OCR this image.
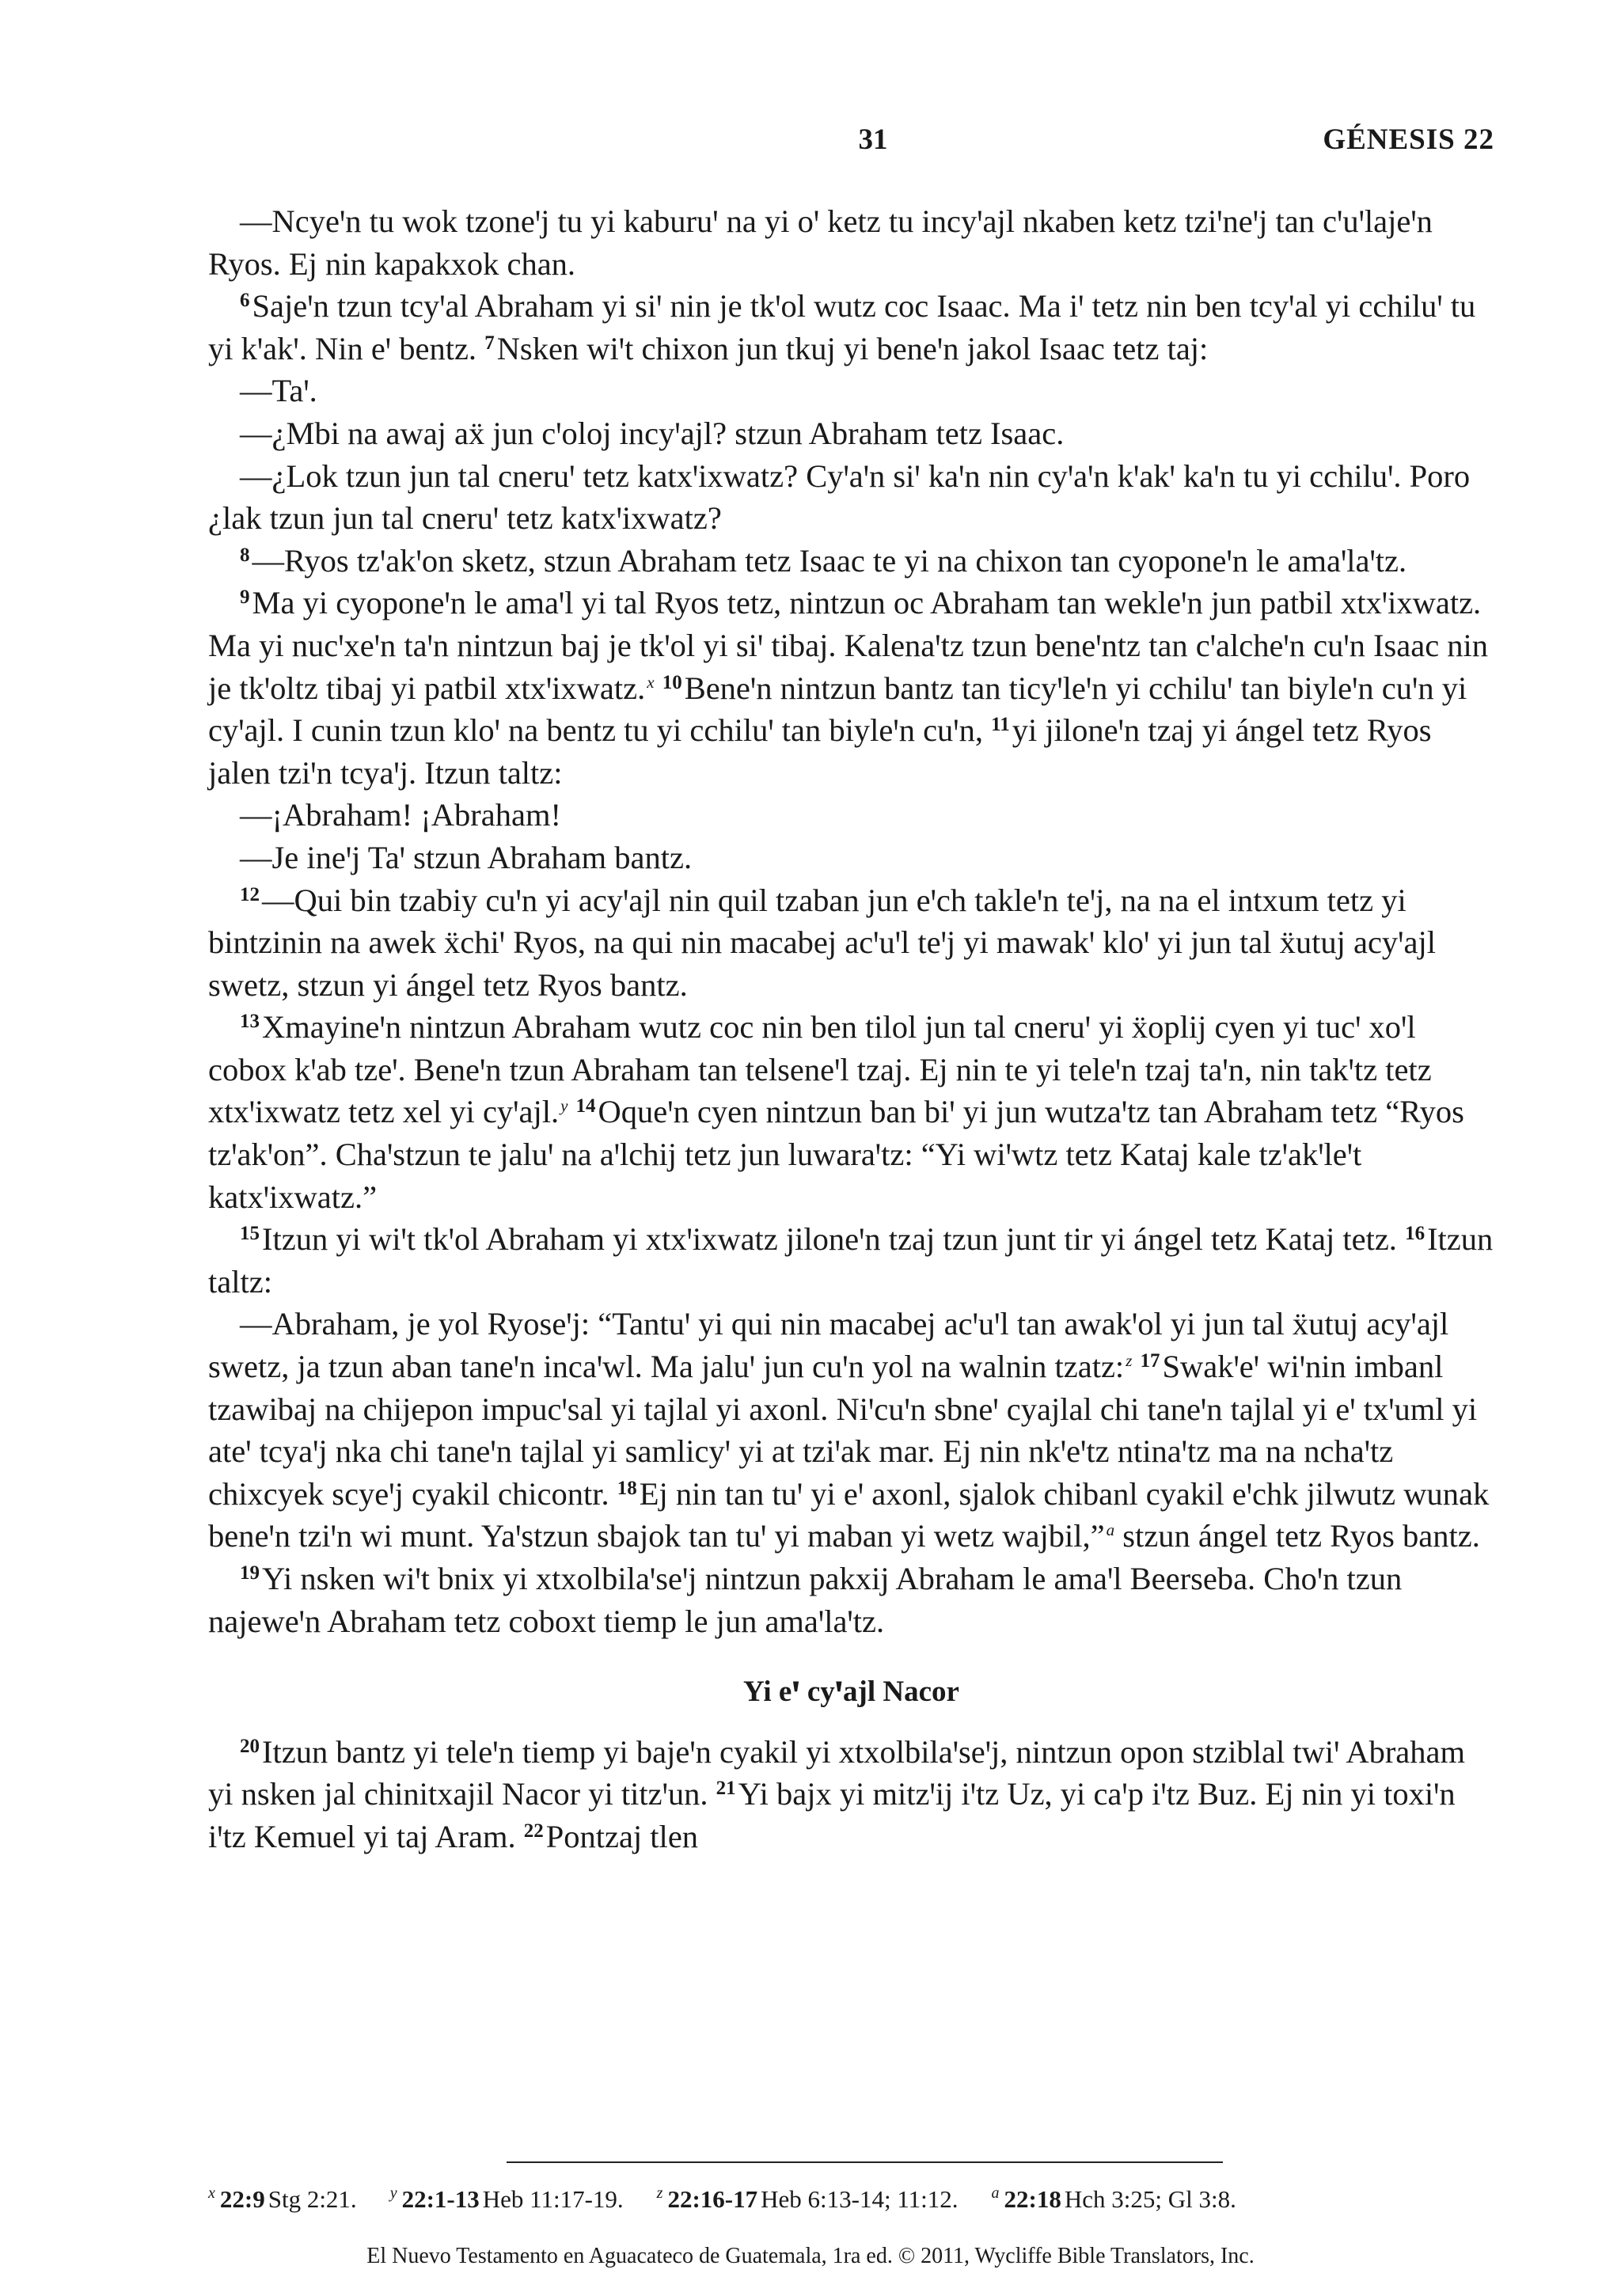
31	GÉNESIS 22

—Ncyeꞌn tu wok tzoneꞌj tu yi kaburuꞌ na yi oꞌ ketz tu incyꞌajl nkaben ketz tziꞌneꞌj tan cꞌuꞌlajeꞌn Ryos. Ej nin kapakxok chan.

$^6$Sajeꞌn tzun tcyꞌal Abraham yi siꞌ nin je tkꞌol wutz coc Isaac. Ma iꞌ tetz nin ben tcyꞌal yi cchiluꞌ tu yi kꞌakꞌ. Nin eꞌ bentz. $^7$Nsken wiꞌt chixon jun tkuj yi beneꞌn jakol Isaac tetz taj:

—Taꞌ.

—¿Mbi na awaj aẍ jun cꞌoloj incyꞌajl? stzun Abraham tetz Isaac.

—¿Lok tzun jun tal cneruꞌ tetz katxꞌixwatz? Cyꞌaꞌn siꞌ kaꞌn nin cyꞌaꞌn kꞌakꞌ kaꞌn tu yi cchiluꞌ. Poro ¿lak tzun jun tal cneruꞌ tetz katxꞌixwatz?

$^8$—Ryos tzꞌakꞌon sketz, stzun Abraham tetz Isaac te yi na chixon tan cyoponeꞌn le amaꞌlaꞌtz.

$^9$Ma yi cyoponeꞌn le amaꞌl yi tal Ryos tetz, nintzun oc Abraham tan wekleꞌn jun patbil xtxꞌixwatz. Ma yi nucꞌxeꞌn taꞌn nintzun baj je tkꞌol yi siꞌ tibaj. Kalenaꞌtz tzun beneꞌntz tan cꞌalcheꞌn cuꞌn Isaac nin je tkꞌoltz tibaj yi patbil xtxꞌixwatz.$^x$ $^{10}$Beneꞌn nintzun bantz tan ticyꞌleꞌn yi cchiluꞌ tan biyleꞌn cuꞌn yi cyꞌajl. I cunin tzun kloꞌ na bentz tu yi cchiluꞌ tan biyleꞌn cuꞌn, $^{11}$yi jiloneꞌn tzaj yi ángel tetz Ryos jalen tziꞌn tcyaꞌj. Itzun taltz:

—¡Abraham! ¡Abraham!

—Je ineꞌj Taꞌ stzun Abraham bantz.

$^{12}$—Qui bin tzabiy cuꞌn yi acyꞌajl nin quil tzaban jun eꞌch takleꞌn teꞌj, na na el intxum tetz yi bintzinin na awek ẍchiꞌ Ryos, na qui nin macabej acꞌuꞌl teꞌj yi mawakꞌ kloꞌ yi jun tal ẍutuj acyꞌajl swetz, stzun yi ángel tetz Ryos bantz.

$^{13}$Xmayineꞌn nintzun Abraham wutz coc nin ben tilol jun tal cneruꞌ yi ẍoplij cyen yi tucꞌ xoꞌl cobox kꞌab tzeꞌ. Beneꞌn tzun Abraham tan telseneꞌl tzaj. Ej nin te yi teleꞌn tzaj taꞌn, nin takꞌtz tetz xtxꞌixwatz tetz xel yi cyꞌajl.$^y$ $^{14}$Oqueꞌn cyen nintzun ban biꞌ yi jun wutzaꞌtz tan Abraham tetz “Ryos tzꞌakꞌon”. Chaꞌstzun te jaluꞌ na aꞌlchij tetz jun luwaraꞌtz: “Yi wiꞌwtz tetz Kataj kale tzꞌakꞌleꞌt katxꞌixwatz.”

$^{15}$Itzun yi wiꞌt tkꞌol Abraham yi xtxꞌixwatz jiloneꞌn tzaj tzun junt tir yi ángel tetz Kataj tetz. $^{16}$Itzun taltz:

—Abraham, je yol Ryoseꞌj: “Tantuꞌ yi qui nin macabej acꞌuꞌl tan awakꞌol yi jun tal ẍutuj acyꞌajl swetz, ja tzun aban taneꞌn incaꞌwl. Ma jaluꞌ jun cuꞌn yol na walnin tzatz:$^z$ $^{17}$Swakꞌeꞌ wiꞌnin imbanl tzawibaj na chijepon impucꞌsal yi tajlal yi axonl. Niꞌcuꞌn sbneꞌ cyajlal chi taneꞌn tajlal yi eꞌ txꞌuml yi ateꞌ tcyaꞌj nka chi taneꞌn tajlal yi samlicyꞌ yi at tziꞌak mar. Ej nin nkꞌeꞌtz ntinaꞌtz ma na nchaꞌtz chixcyek scyeꞌj cyakil chicontr. $^{18}$Ej nin tan tuꞌ yi eꞌ axonl, sjalok chibanl cyakil eꞌchk jilwutz wunak beneꞌn tziꞌn wi munt. Yaꞌstzun sbajok tan tuꞌ yi maban yi wetz wajbil,”$^a$ stzun ángel tetz Ryos bantz.

$^{19}$Yi nsken wiꞌt bnix yi xtxolbilaꞌseꞌj nintzun pakxij Abraham le amaꞌl Beerseba. Choꞌn tzun najeweꞌn Abraham tetz coboxt tiemp le jun amaꞌlaꞌtz.

Yi eꞌ cyꞌajl Nacor

$^{20}$Itzun bantz yi teleꞌn tiemp yi bajeꞌn cyakil yi xtxolbilaꞌseꞌj, nintzun opon stziblal twiꞌ Abraham yi nsken jal chinitxajil Nacor yi titzꞌun. $^{21}$Yi bajx yi mitzꞌij iꞌtz Uz, yi caꞌp iꞌtz Buz. Ej nin yi toxiꞌn iꞌtz Kemuel yi taj Aram. $^{22}$Pontzaj tlen

$^x$ 22:9 Stg 2:21. $^y$ 22:1-13 Heb 11:17-19. $^z$ 22:16-17 Heb 6:13-14; 11:12. $^a$ 22:18 Hch 3:25; Gl 3:8.
El Nuevo Testamento en Aguacateco de Guatemala, 1ra ed. © 2011, Wycliffe Bible Translators, Inc.
